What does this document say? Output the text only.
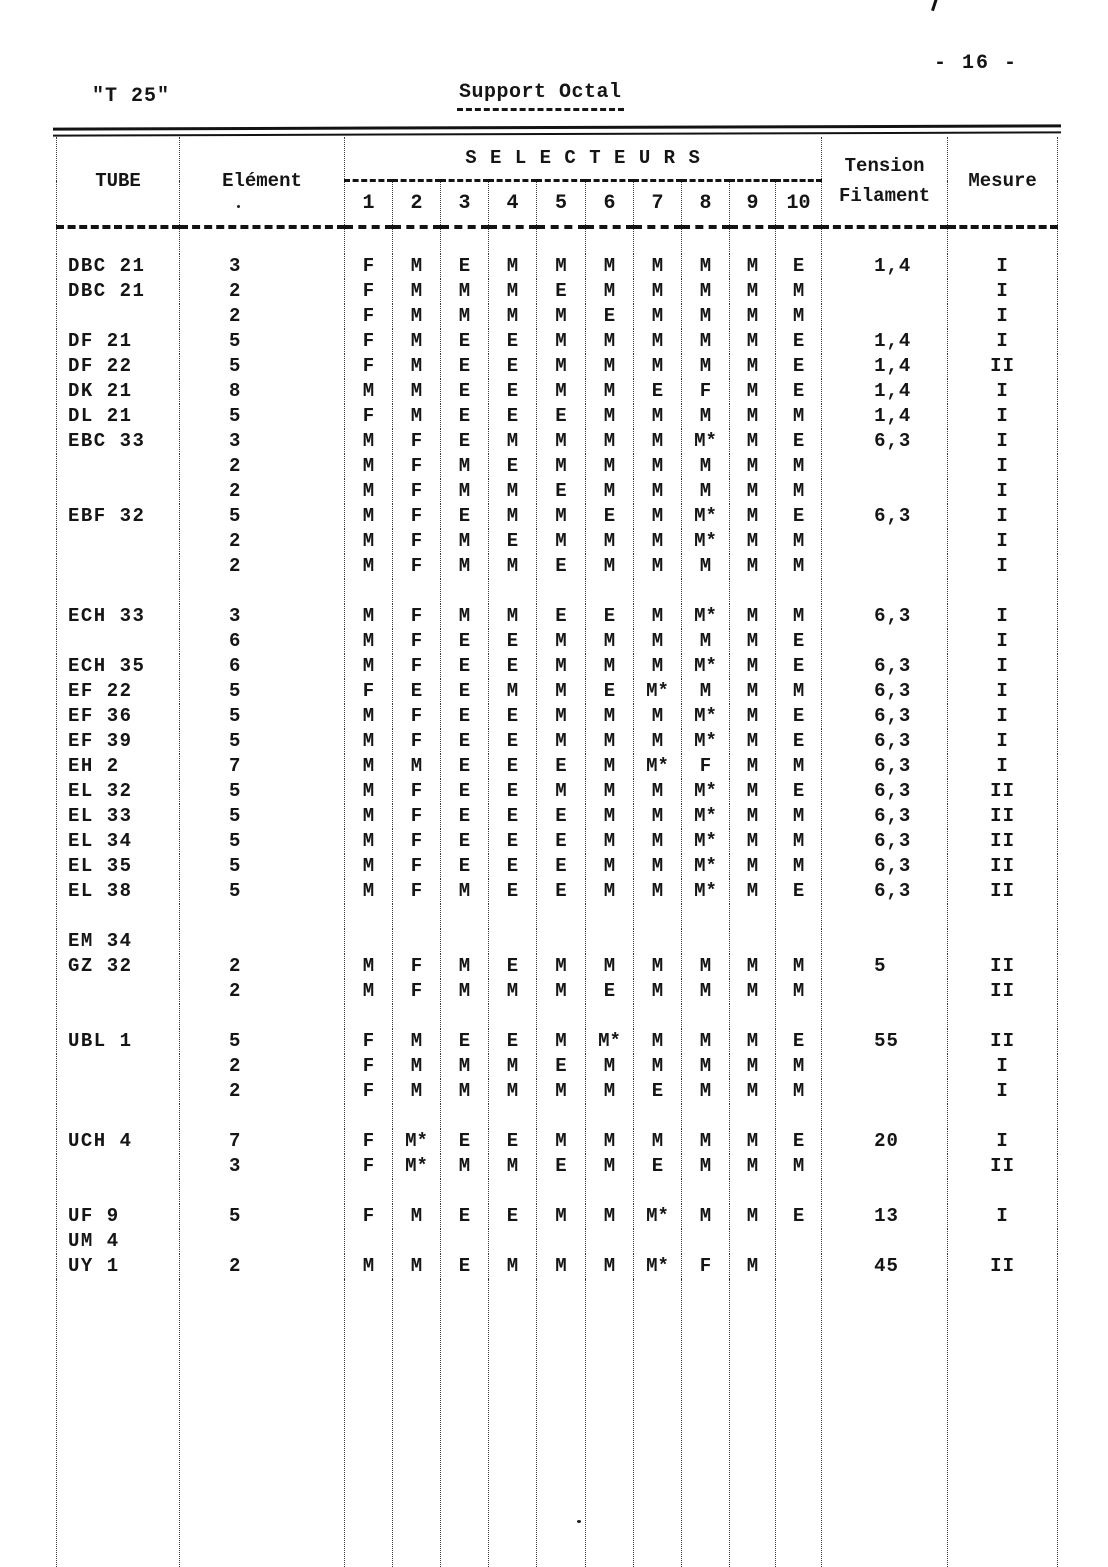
"T 25"	Support Octal
- 16 -
TUBE	Elément	S E L E C T E U R S										Tension
Filament	Mesure
		1	2	3	4	5	6	7	8	9	10		

DBC 21	3	F	M	E	M	M	M	M	M	M	E	1,4	I
DBC 21	2	F	M	M	M	E	M	M	M	M	M		I
	2	F	M	M	M	M	E	M	M	M	M		I
DF 21	5	F	M	E	E	M	M	M	M	M	E	1,4	I
DF 22	5	F	M	E	E	M	M	M	M	M	E	1,4	II
DK 21	8	M	M	E	E	M	M	E	F	M	E	1,4	I
DL 21	5	F	M	E	E	E	M	M	M	M	M	1,4	I
EBC 33	3	M	F	E	M	M	M	M	M*	M	E	6,3	I
	2	M	F	M	E	M	M	M	M	M	M		I
	2	M	F	M	M	E	M	M	M	M	M		I
EBF 32	5	M	F	E	M	M	E	M	M*	M	E	6,3	I
	2	M	F	M	E	M	M	M	M*	M	M		I
	2	M	F	M	M	E	M	M	M	M	M		I

ECH 33	3	M	F	M	M	E	E	M	M*	M	M	6,3	I
	6	M	F	E	E	M	M	M	M	M	E		I
ECH 35	6	M	F	E	E	M	M	M	M*	M	E	6,3	I
EF 22	5	F	E	E	M	M	E	M*	M	M	M	6,3	I
EF 36	5	M	F	E	E	M	M	M	M*	M	E	6,3	I
EF 39	5	M	F	E	E	M	M	M	M*	M	E	6,3	I
EH 2	7	M	M	E	E	E	M	M*	F	M	M	6,3	I
EL 32	5	M	F	E	E	M	M	M	M*	M	E	6,3	II
EL 33	5	M	F	E	E	E	M	M	M*	M	M	6,3	II
EL 34	5	M	F	E	E	E	M	M	M*	M	M	6,3	II
EL 35	5	M	F	E	E	E	M	M	M*	M	M	6,3	II
EL 38	5	M	F	M	E	E	M	M	M*	M	E	6,3	II

EM 34													
GZ 32	2	M	F	M	E	M	M	M	M	M	M	5	II
	2	M	F	M	M	M	E	M	M	M	M		II

UBL 1	5	F	M	E	E	M	M*	M	M	M	E	55	II
	2	F	M	M	M	E	M	M	M	M	M		I
	2	F	M	M	M	M	M	E	M	M	M		I

UCH 4	7	F	M*	E	E	M	M	M	M	M	E	20	I
	3	F	M*	M	M	E	M	E	M	M	M		II

UF 9	5	F	M	E	E	M	M	M*	M	M	E	13	I
UM 4													
UY 1	2	M	M	E	M	M	M	M*	F	M		45	II
